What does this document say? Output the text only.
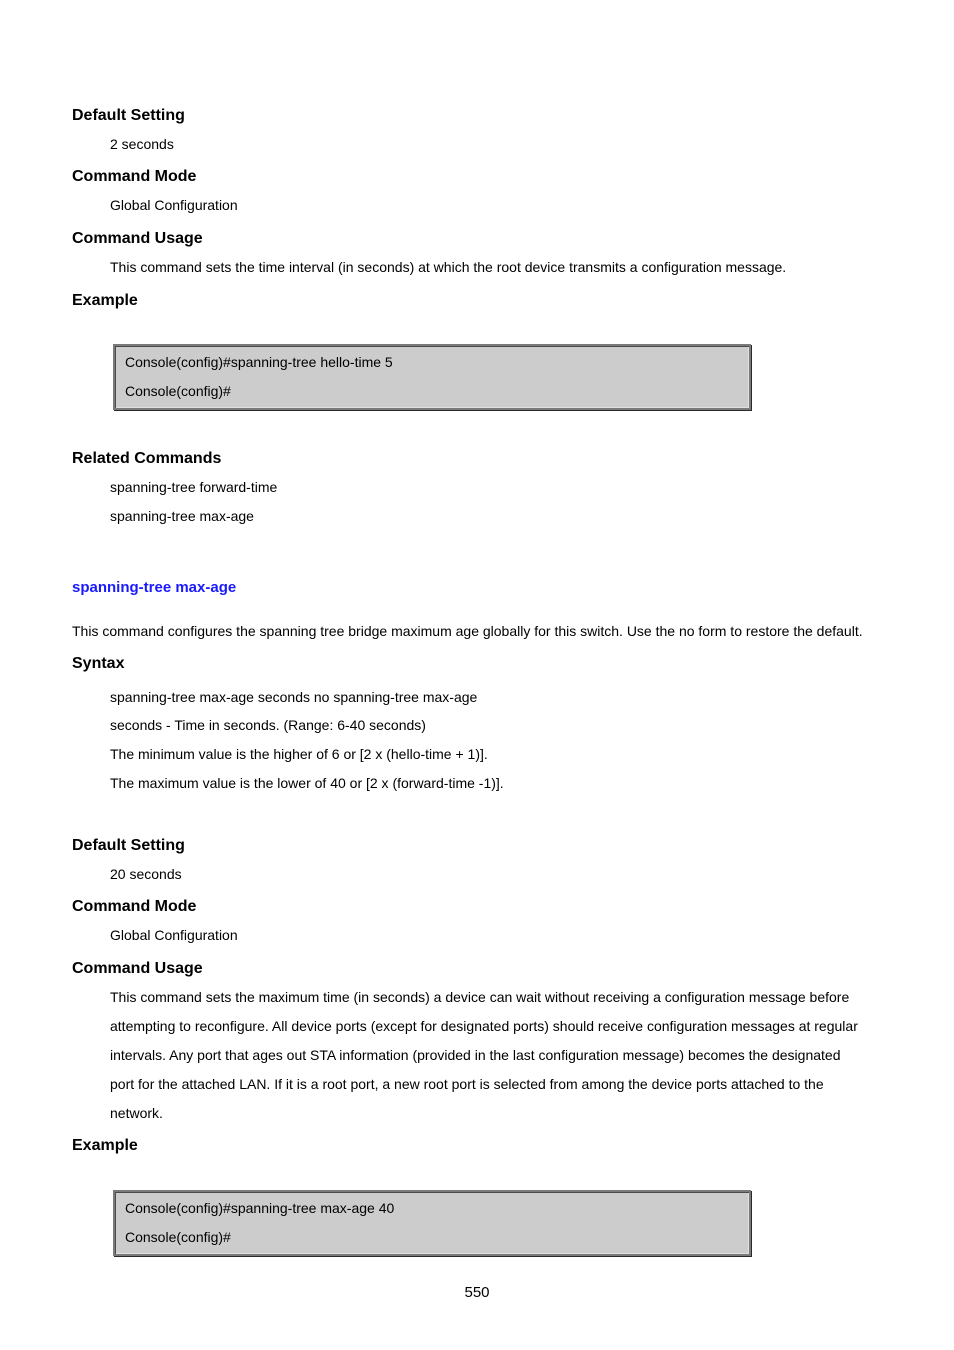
Default Setting
2 seconds
Command Mode
Global Configuration
Command Usage
This command sets the time interval (in seconds) at which the root device transmits a configuration message.
Example
Console(config)#spanning-tree hello-time 5
Console(config)#
Related Commands
spanning-tree forward-time
spanning-tree max-age
spanning-tree max-age
This command configures the spanning tree bridge maximum age globally for this switch. Use the no form to restore the default.
Syntax
spanning-tree max-age seconds no spanning-tree max-age
seconds - Time in seconds. (Range: 6-40 seconds)
The minimum value is the higher of 6 or [2 x (hello-time + 1)].
The maximum value is the lower of 40 or [2 x (forward-time -1)].
Default Setting
20 seconds
Command Mode
Global Configuration
Command Usage
This command sets the maximum time (in seconds) a device can wait without receiving a configuration message before
attempting to reconfigure. All device ports (except for designated ports) should receive configuration messages at regular
intervals. Any port that ages out STA information (provided in the last configuration message) becomes the designated
port for the attached LAN. If it is a root port, a new root port is selected from among the device ports attached to the
network.
Example
Console(config)#spanning-tree max-age 40
Console(config)#
550
